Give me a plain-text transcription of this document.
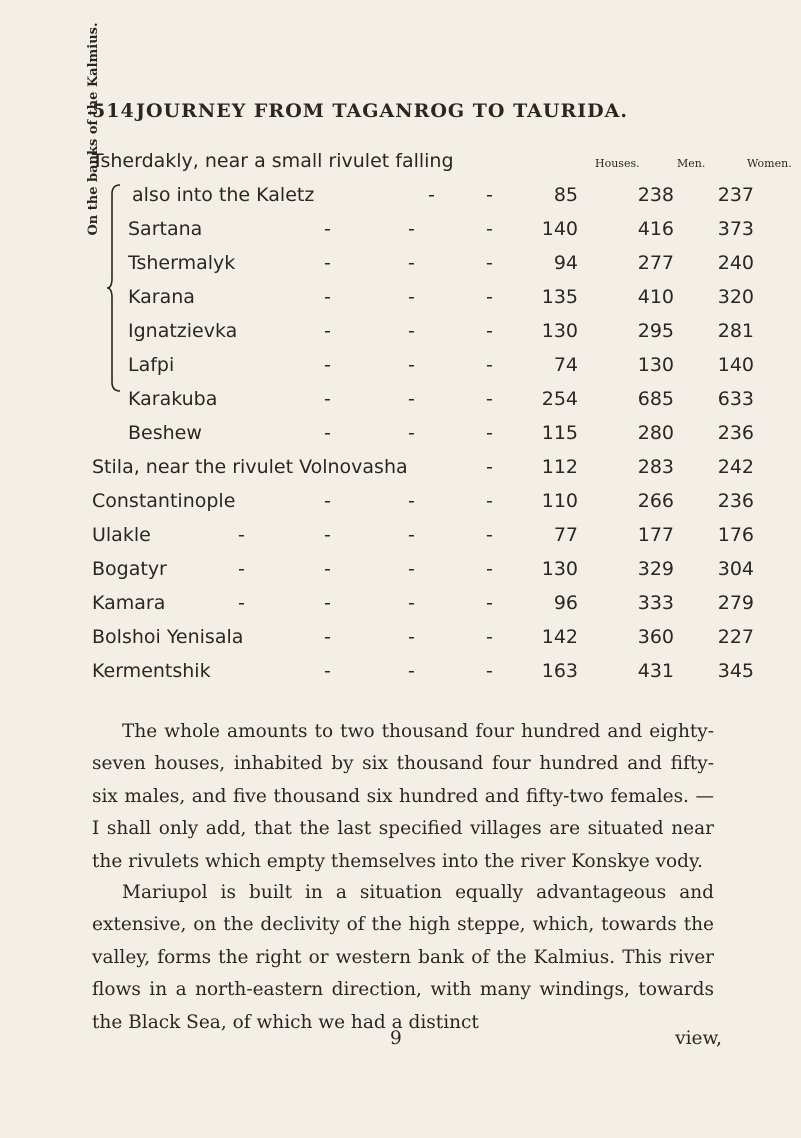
514 JOURNEY FROM TAGANROG TO TAURIDA.
Houses.	Men.	Women.
Tsherdakly, near a small rivulet falling
also into the Kaletz	-	-	85	238	237
Sartana	-	-	-	140	416	373
Tshermalyk	-	-	-	94	277	240
Karana	-	-	-	135	410	320
Ignatzievka	-	-	-	130	295	281
Lafpi	-	-	-	74	130	140
Karakuba	-	-	-	254	685	633
Beshew	-	-	-	115	280	236
Stila, near the rivulet Volnovasha	-	112	283	242
Constantinople	-	-	-	110	266	236
Ulakle	-	-	-	-	77	177	176
Bogatyr	-	-	-	-	130	329	304
Kamara	-	-	-	-	96	333	279
Bolshoi Yenisala	-	-	-	142	360	227
Kermentshik	-	-	-	163	431	345
On the banks of the Kalmius.

The whole amounts to two thousand four hundred and eighty-seven houses, inhabited by six thousand four hundred and fifty-six males, and five thousand six hundred and fifty-two females. — I shall only add, that the last specified villages are situated near the rivulets which empty themselves into the river Konskye vody.

Mariupol is built in a situation equally advantageous and extensive, on the declivity of the high steppe, which, towards the valley, forms the right or western bank of the Kalmius. This river flows in a north-eastern direction, with many windings, towards the Black Sea, of which we had a distinct

9	view,
